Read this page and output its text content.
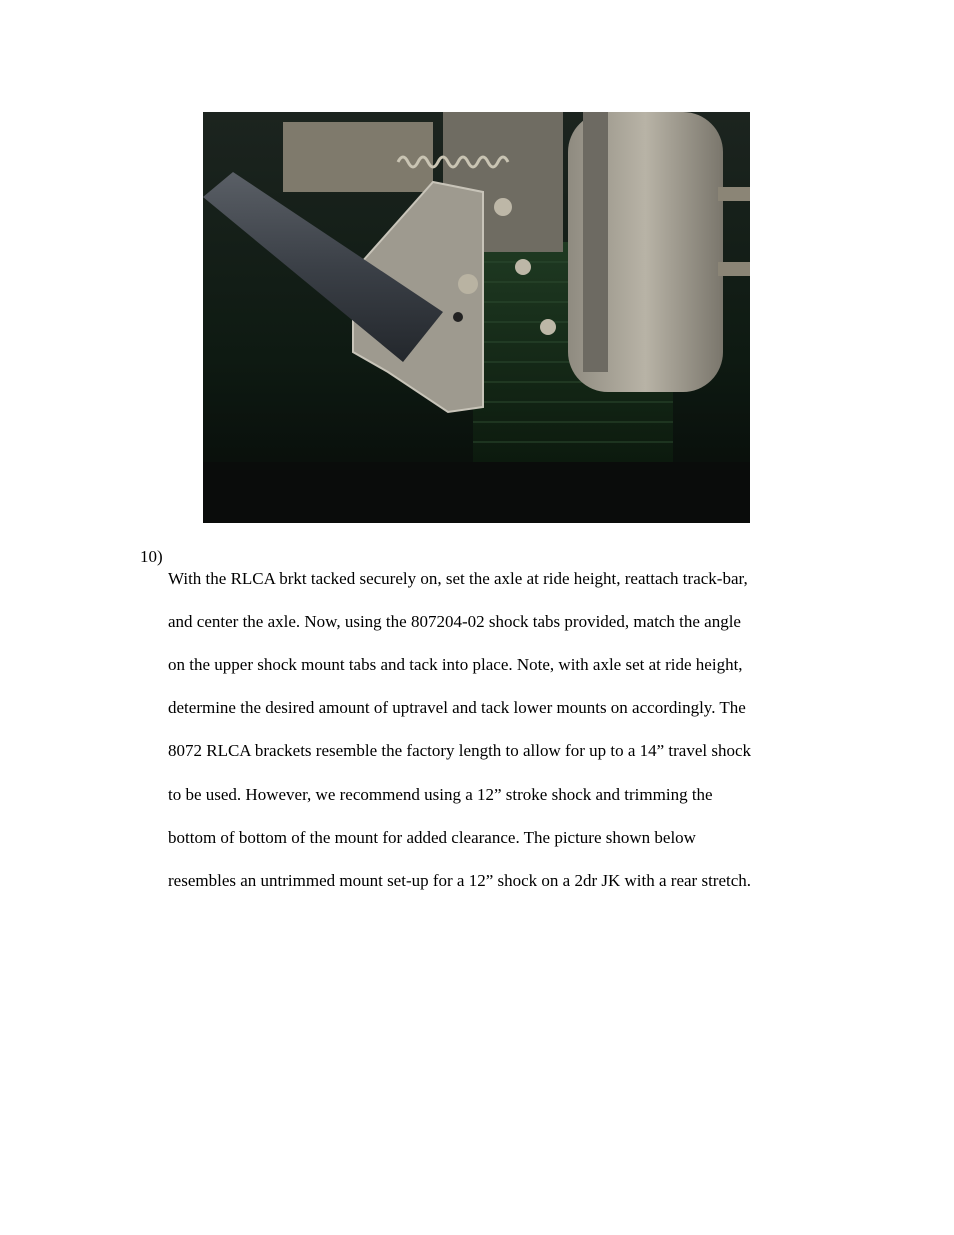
10)

With the RLCA brkt tacked securely on, set the axle at ride height, reattach track-bar,

and center the axle. Now, using the 807204-02 shock tabs provided, match the angle

on the upper shock mount tabs and tack into place. Note, with axle set at ride height,

determine the desired amount of uptravel and tack lower mounts on accordingly. The

8072 RLCA brackets resemble the factory length to allow for up to a 14” travel shock

to be used. However, we recommend using a 12” stroke shock and trimming the

bottom of bottom of the mount for added clearance. The picture shown below

resembles an untrimmed mount set-up for a 12” shock on a 2dr JK with a rear stretch.
